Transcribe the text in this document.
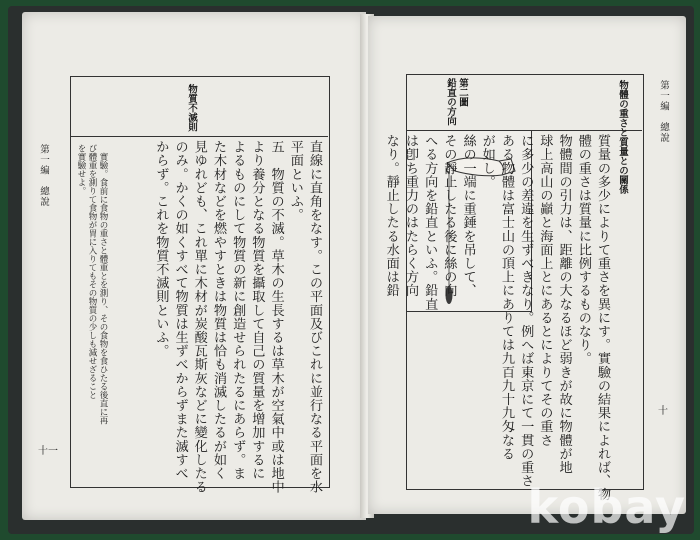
物質不滅則
直線に直角をなす。この平面及びこれに並行なる平面を水
平面といふ。
五　物質の不滅。草木の生長するは草木が空氣中或は地中
より養分となる物質を攝取して自己の質量を增加するに
よるものにして物質の新に創造せられたるにあらず。ま
た木材などを燃やすときは物質は恰も消滅したるが如く
見ゆれども、これ單に木材が炭酸瓦斯灰などに變化したる
のみ。かくの如くすべて物質は生ずべからずまた滅すべ
からず。これを物質不滅則といふ。
　實驗。食前に食物の重さと體重とを測り、その食物を食ひたる後直に再
び體重を測りて食物が胃に入りてもその物質の少しも減せざること
を實驗せよ。
第一編　總說
十一
物體の重さと質量との關係
第二圖
鉛直の方向
質量の多少によりて重さを異にす。實驗の結果によれば、物
體の重さは質量に比例するものなり。
物體間の引力は、距離の大なるほど弱きが故に物體が地
球上高山の巓と海面上とにあるとによりてその重さ
に多少の差違を生ずべきなり。例へば東京にて一貫の重さ
ある物體は富士山の頂上にありては九百九十九匁なる
が如し。
絲の一端に重錘を吊して、
その靜止したる後に絲の向
へる方向を鉛直といふ。鉛直
は卽ち重力のはたらく方向
なり。靜止したる水面は鉛
第一編　總說
十
kobay
